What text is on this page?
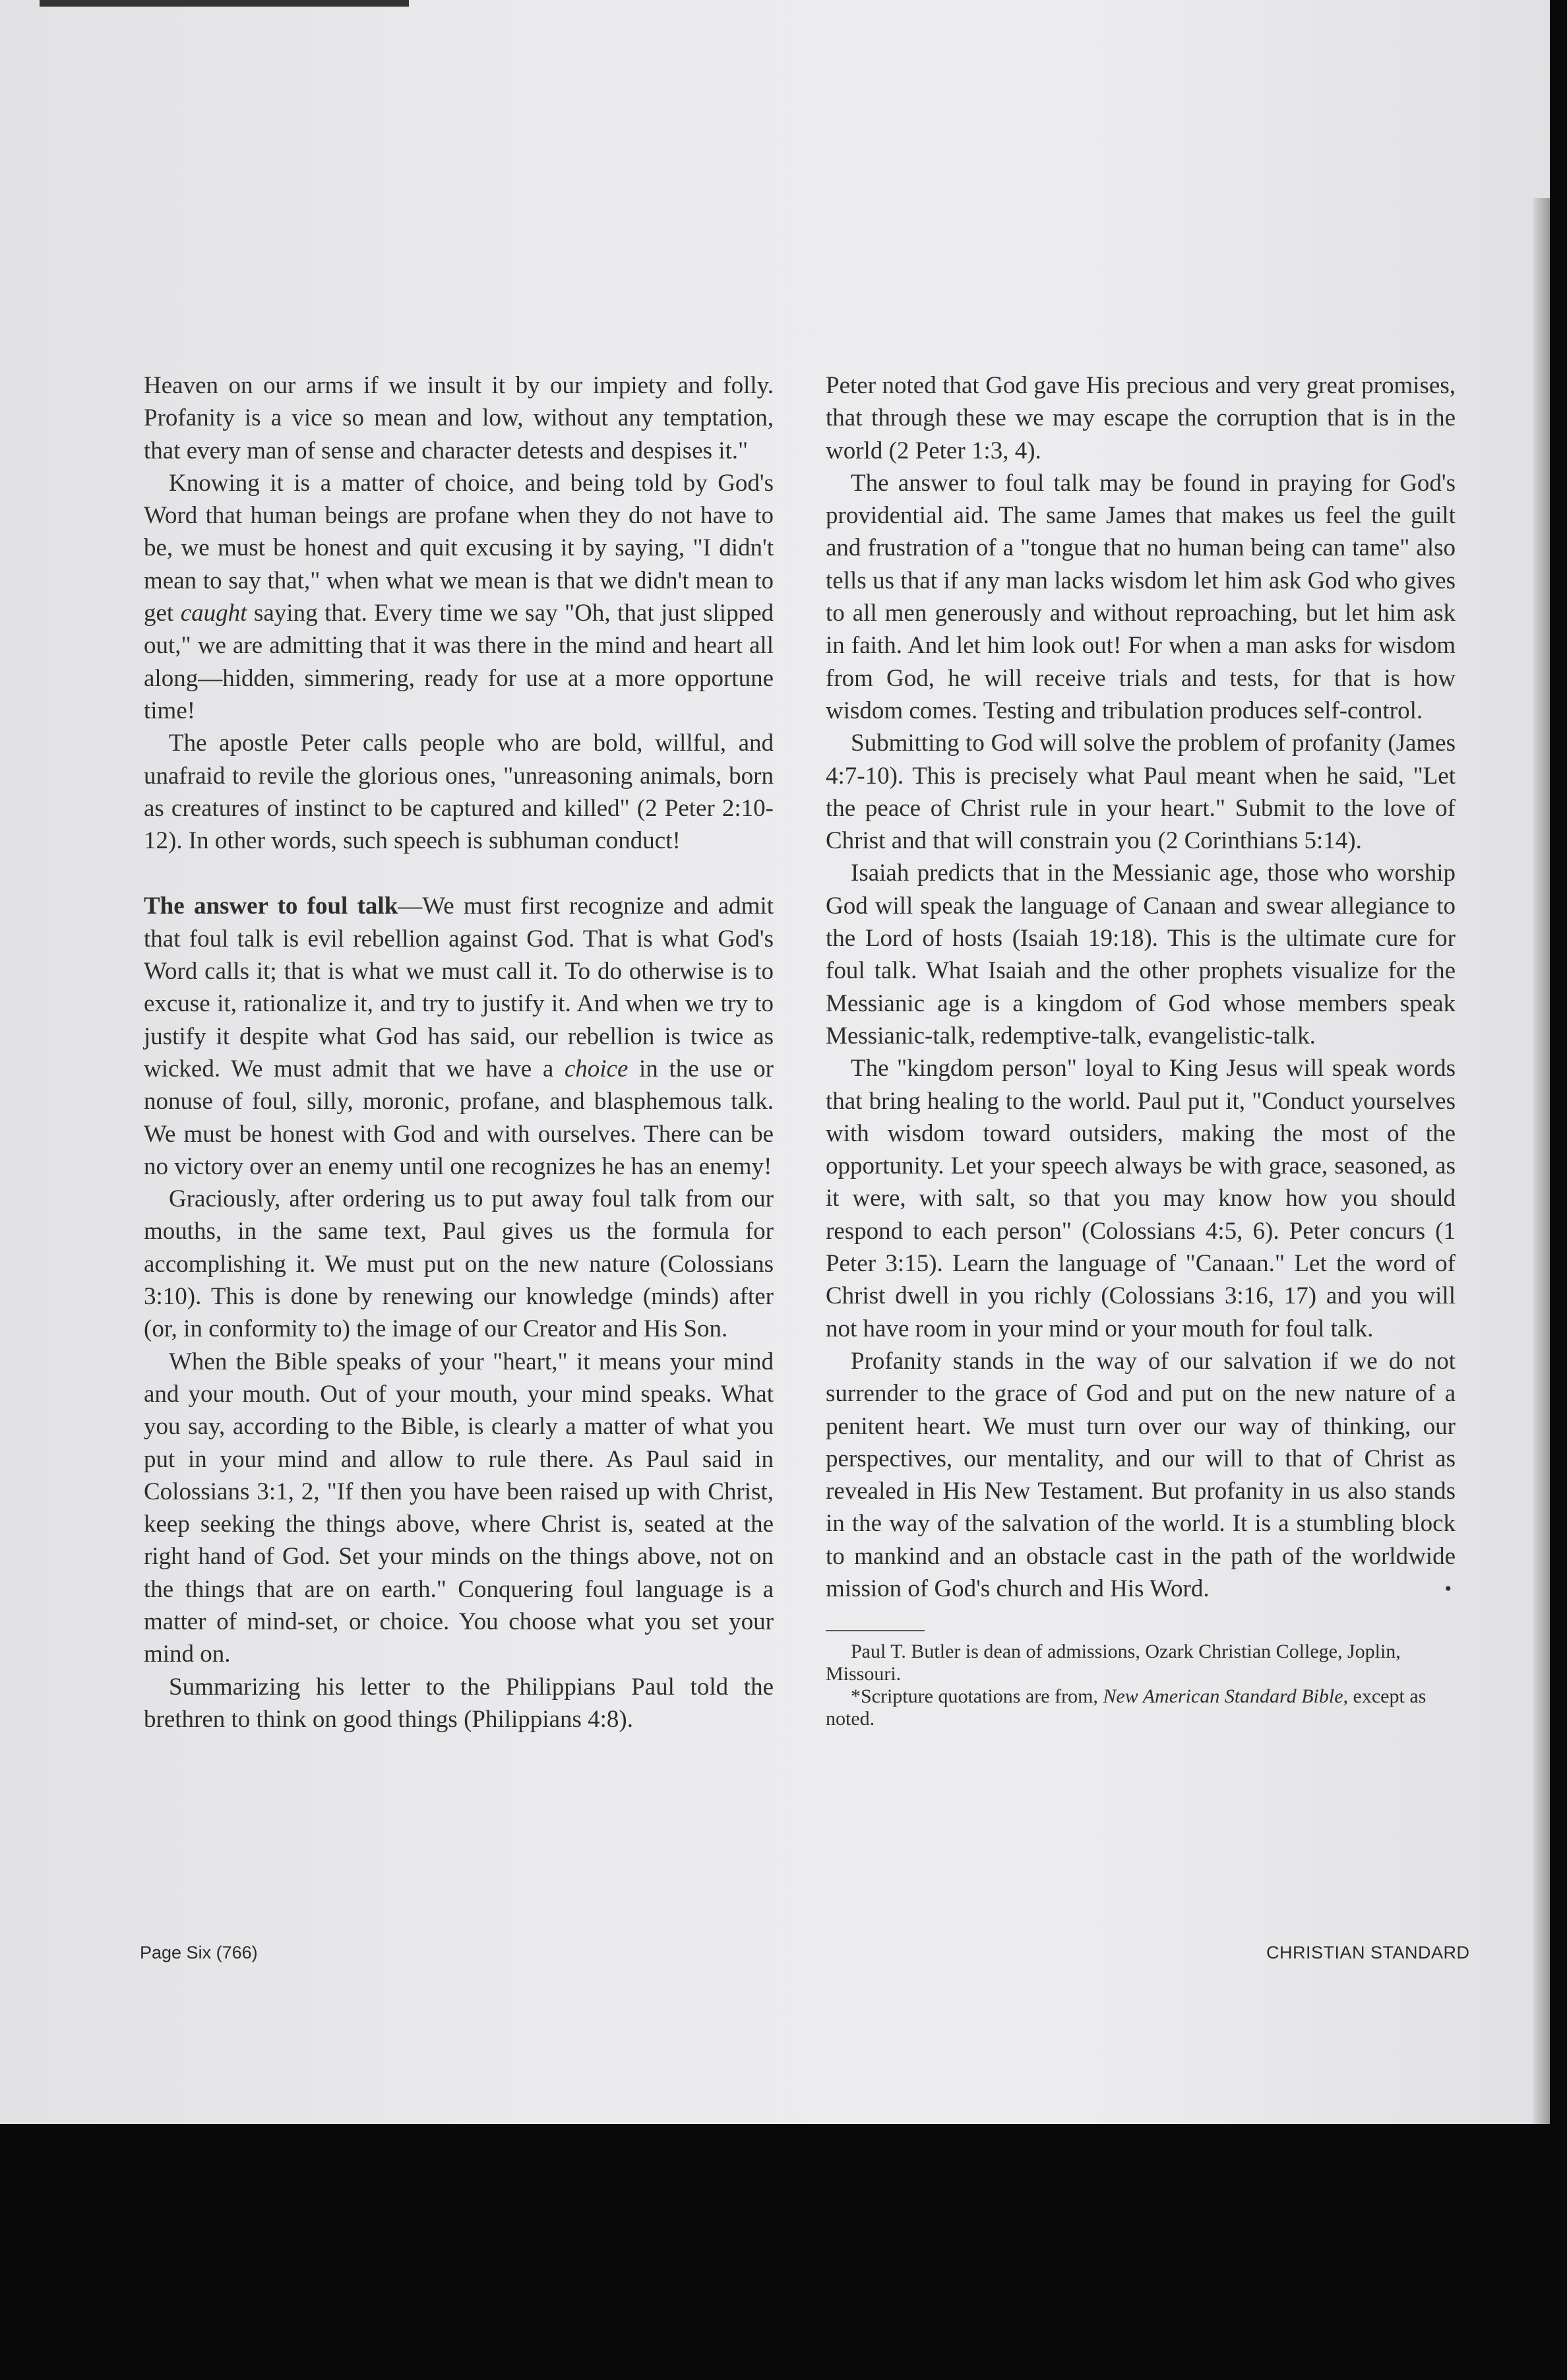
Heaven on our arms if we insult it by our impiety and folly. Profanity is a vice so mean and low, without any temptation, that every man of sense and character detests and despises it."

Knowing it is a matter of choice, and being told by God's Word that human beings are profane when they do not have to be, we must be honest and quit excusing it by saying, "I didn't mean to say that," when what we mean is that we didn't mean to get caught saying that. Every time we say "Oh, that just slipped out," we are admitting that it was there in the mind and heart all along—hidden, simmering, ready for use at a more opportune time!

The apostle Peter calls people who are bold, willful, and unafraid to revile the glorious ones, "unreasoning animals, born as creatures of instinct to be captured and killed" (2 Peter 2:10-12). In other words, such speech is subhuman conduct!

The answer to foul talk—We must first recognize and admit that foul talk is evil rebellion against God. That is what God's Word calls it; that is what we must call it. To do otherwise is to excuse it, rationalize it, and try to justify it. And when we try to justify it despite what God has said, our rebellion is twice as wicked. We must admit that we have a choice in the use or nonuse of foul, silly, moronic, profane, and blasphemous talk. We must be honest with God and with ourselves. There can be no victory over an enemy until one recognizes he has an enemy!

Graciously, after ordering us to put away foul talk from our mouths, in the same text, Paul gives us the formula for accomplishing it. We must put on the new nature (Colossians 3:10). This is done by renewing our knowledge (minds) after (or, in conformity to) the image of our Creator and His Son.

When the Bible speaks of your "heart," it means your mind and your mouth. Out of your mouth, your mind speaks. What you say, according to the Bible, is clearly a matter of what you put in your mind and allow to rule there. As Paul said in Colossians 3:1, 2, "If then you have been raised up with Christ, keep seeking the things above, where Christ is, seated at the right hand of God. Set your minds on the things above, not on the things that are on earth." Conquering foul language is a matter of mind-set, or choice. You choose what you set your mind on.

Summarizing his letter to the Philippians Paul told the brethren to think on good things (Philippians 4:8).

Peter noted that God gave His precious and very great promises, that through these we may escape the corruption that is in the world (2 Peter 1:3, 4).

The answer to foul talk may be found in praying for God's providential aid. The same James that makes us feel the guilt and frustration of a "tongue that no human being can tame" also tells us that if any man lacks wisdom let him ask God who gives to all men generously and without reproaching, but let him ask in faith. And let him look out! For when a man asks for wisdom from God, he will receive trials and tests, for that is how wisdom comes. Testing and tribulation produces self-control.

Submitting to God will solve the problem of profanity (James 4:7-10). This is precisely what Paul meant when he said, "Let the peace of Christ rule in your heart." Submit to the love of Christ and that will constrain you (2 Corinthians 5:14).

Isaiah predicts that in the Messianic age, those who worship God will speak the language of Canaan and swear allegiance to the Lord of hosts (Isaiah 19:18). This is the ultimate cure for foul talk. What Isaiah and the other prophets visualize for the Messianic age is a kingdom of God whose members speak Messianic-talk, redemptive-talk, evangelistic-talk.

The "kingdom person" loyal to King Jesus will speak words that bring healing to the world. Paul put it, "Conduct yourselves with wisdom toward outsiders, making the most of the opportunity. Let your speech always be with grace, seasoned, as it were, with salt, so that you may know how you should respond to each person" (Colossians 4:5, 6). Peter concurs (1 Peter 3:15). Learn the language of "Canaan." Let the word of Christ dwell in you richly (Colossians 3:16, 17) and you will not have room in your mind or your mouth for foul talk.

Profanity stands in the way of our salvation if we do not surrender to the grace of God and put on the new nature of a penitent heart. We must turn over our way of thinking, our perspectives, our mentality, and our will to that of Christ as revealed in His New Testament. But profanity in us also stands in the way of the salvation of the world. It is a stumbling block to mankind and an obstacle cast in the path of the worldwide mission of God's church and His Word.	•

Paul T. Butler is dean of admissions, Ozark Christian College, Joplin, Missouri.

*Scripture quotations are from, New American Standard Bible, except as noted.

Page Six (766)	CHRISTIAN STANDARD
